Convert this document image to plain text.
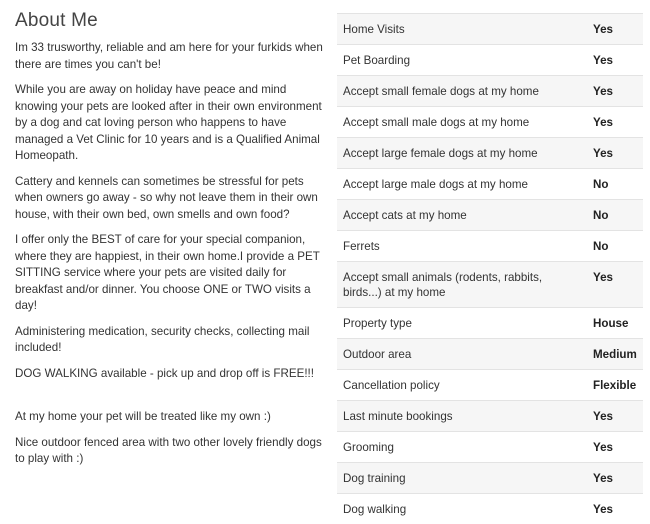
About Me

Im 33 trusworthy, reliable and am here for your furkids when there are times you can't be!

While you are away on holiday have peace and mind knowing your pets are looked after in their own environment by a dog and cat loving person who happens to have managed a Vet Clinic for 10 years and is a Qualified Animal Homeopath.

Cattery and kennels can sometimes be stressful for pets when owners go away - so why not leave them in their own house, with their own bed, own smells and own food?

I offer only the BEST of care for your special companion, where they are happiest, in their own home.I provide a PET SITTING service where your pets are visited daily for breakfast and/or dinner. You choose ONE or TWO visits a day!

Administering medication, security checks, collecting mail included!

DOG WALKING available - pick up and drop off is FREE!!!

At my home your pet will be treated like my own :)

Nice outdoor fenced area with two other lovely friendly dogs to play with :)

Home Visits	Yes
Pet Boarding	Yes
Accept small female dogs at my home	Yes
Accept small male dogs at my home	Yes
Accept large female dogs at my home	Yes
Accept large male dogs at my home	No
Accept cats at my home	No
Ferrets	No
Accept small animals (rodents, rabbits, birds...) at my home	Yes
Property type	House
Outdoor area	Medium
Cancellation policy	Flexible
Last minute bookings	Yes
Grooming	Yes
Dog training	Yes
Dog walking	Yes
